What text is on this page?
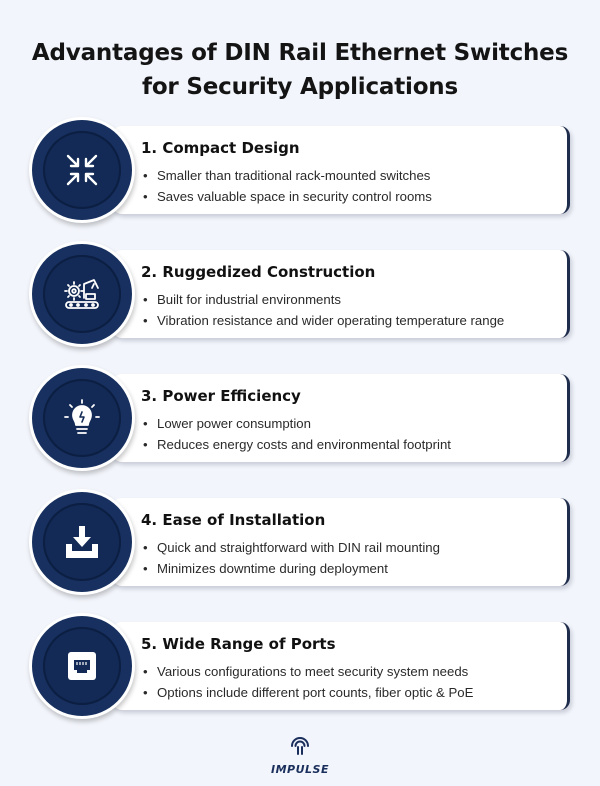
Advantages of DIN Rail Ethernet Switches
for Security Applications
1. Compact Design
• Smaller than traditional rack-mounted switches
• Saves valuable space in security control rooms
2. Ruggedized Construction
• Built for industrial environments
• Vibration resistance and wider operating temperature range
3. Power Efficiency
• Lower power consumption
• Reduces energy costs and environmental footprint
4. Ease of Installation
• Quick and straightforward with DIN rail mounting
• Minimizes downtime during deployment
5. Wide Range of Ports
• Various configurations to meet security system needs
• Options include different port counts, fiber optic & PoE
IMPULSE
